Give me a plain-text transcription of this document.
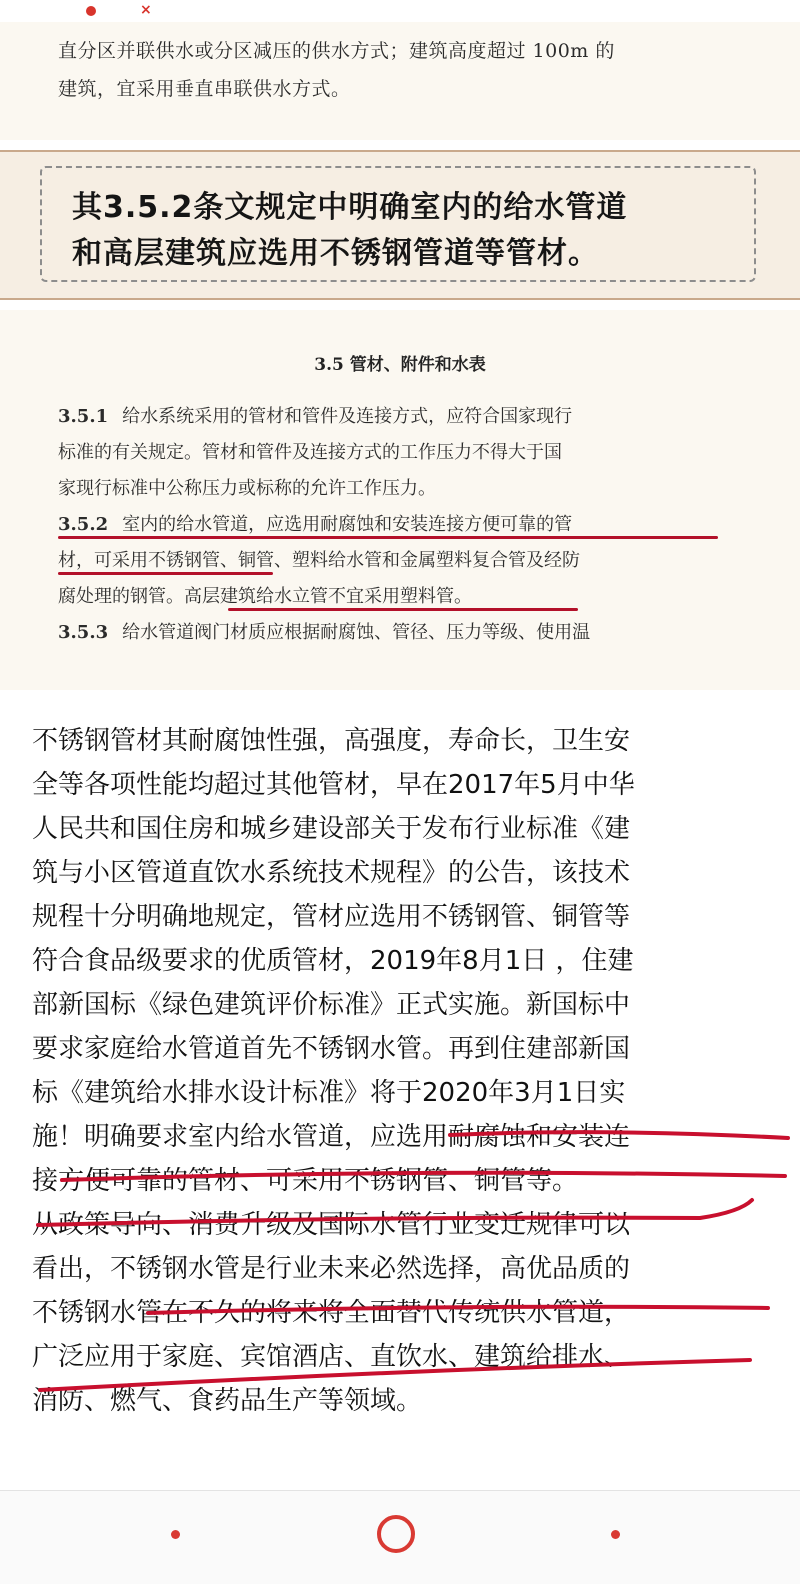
×
直分区并联供水或分区减压的供水方式；建筑高度超过 100m 的
建筑，宜采用垂直串联供水方式。
其3.5.2条文规定中明确室内的给水管道
和高层建筑应选用不锈钢管道等管材。
3.5 管材、附件和水表
3.5.1 给水系统采用的管材和管件及连接方式，应符合国家现行
标准的有关规定。管材和管件及连接方式的工作压力不得大于国
家现行标准中公称压力或标称的允许工作压力。
3.5.2 室内的给水管道，应选用耐腐蚀和安装连接方便可靠的管
材，可采用不锈钢管、铜管、塑料给水管和金属塑料复合管及经防
腐处理的钢管。高层建筑给水立管不宜采用塑料管。
3.5.3 给水管道阀门材质应根据耐腐蚀、管径、压力等级、使用温
不锈钢管材其耐腐蚀性强，高强度，寿命长，卫生安
全等各项性能均超过其他管材，早在2017年5月中华
人民共和国住房和城乡建设部关于发布行业标准《建
筑与小区管道直饮水系统技术规程》的公告，该技术
规程十分明确地规定，管材应选用不锈钢管、铜管等
符合食品级要求的优质管材，2019年8月1日 ，住建
部新国标《绿色建筑评价标准》正式实施。新国标中
要求家庭给水管道首先不锈钢水管。再到住建部新国
标《建筑给水排水设计标准》将于2020年3月1日实
施！明确要求室内给水管道，应选用耐腐蚀和安装连
接方便可靠的管材、可采用不锈钢管、铜管等。
从政策导向、消费升级及国际水管行业变迁规律可以
看出，不锈钢水管是行业未来必然选择，高优品质的
不锈钢水管在不久的将来将全面替代传统供水管道，
广泛应用于家庭、宾馆酒店、直饮水、建筑给排水、
消防、燃气、食药品生产等领域。
